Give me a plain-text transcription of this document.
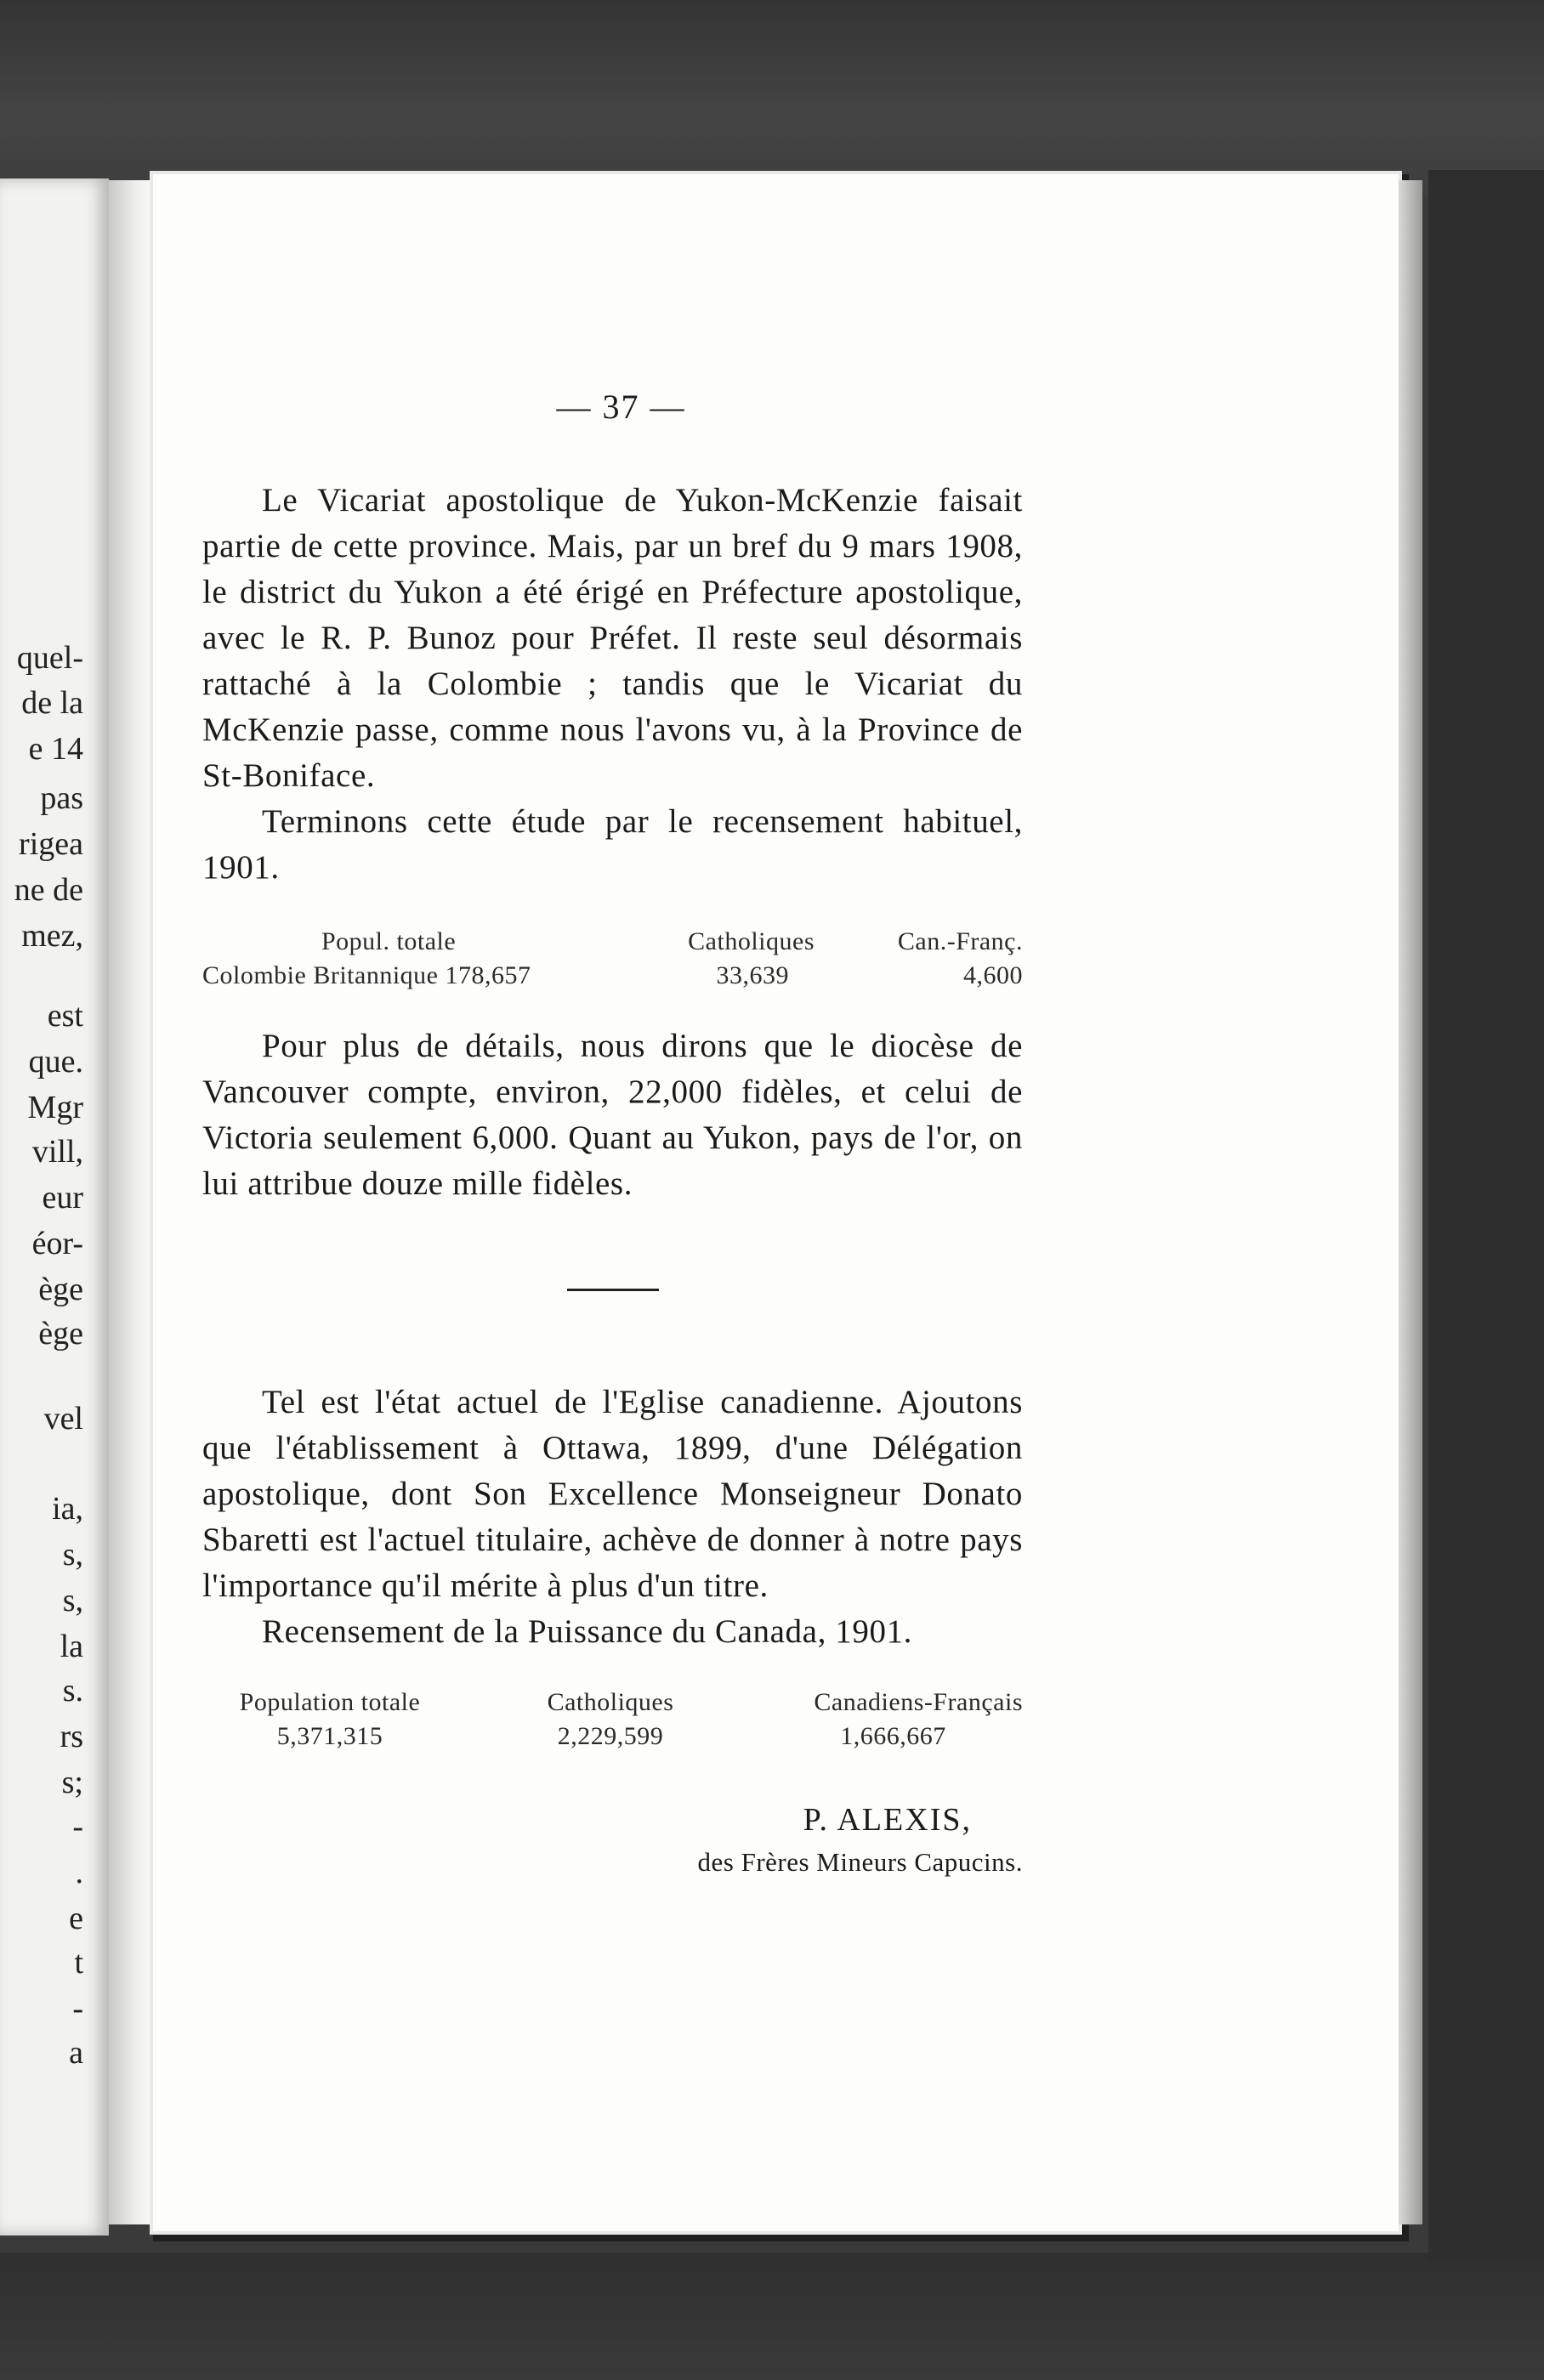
quel-
de la
e 14
pas
rigea
ne de
mez,
est
que.
Mgr
vill,
eur
éor-
ège
ège
vel
ia,
s,
s,
la
s.
rs
s;
-
.
e
t
-
a
— 37 —

Le Vicariat apostolique de Yukon-McKenzie faisait partie de cette province. Mais, par un bref du 9 mars 1908, le district du Yukon a été érigé en Préfecture apostolique, avec le R. P. Bunoz pour Préfet. Il reste seul désormais rattaché à la Colombie ; tandis que le Vicariat du McKenzie passe, comme nous l'avons vu, à la Province de St-Boniface.

Terminons cette étude par le recensement habituel, 1901.

Popul. totale	Catholiques	Can.-Franç.
Colombie Britannique 178,657	33,639	4,600

Pour plus de détails, nous dirons que le diocèse de Vancouver compte, environ, 22,000 fidèles, et celui de Victoria seulement 6,000. Quant au Yukon, pays de l'or, on lui attribue douze mille fidèles.

Tel est l'état actuel de l'Eglise canadienne. Ajoutons que l'établissement à Ottawa, 1899, d'une Délégation apostolique, dont Son Excellence Monseigneur Donato Sbaretti est l'actuel titulaire, achève de donner à notre pays l'importance qu'il mérite à plus d'un titre.

Recensement de la Puissance du Canada, 1901.

Population totale	Catholiques	Canadiens-Français
5,371,315	2,229,599	1,666,667
P. ALEXIS,
des Frères Mineurs Capucins.
